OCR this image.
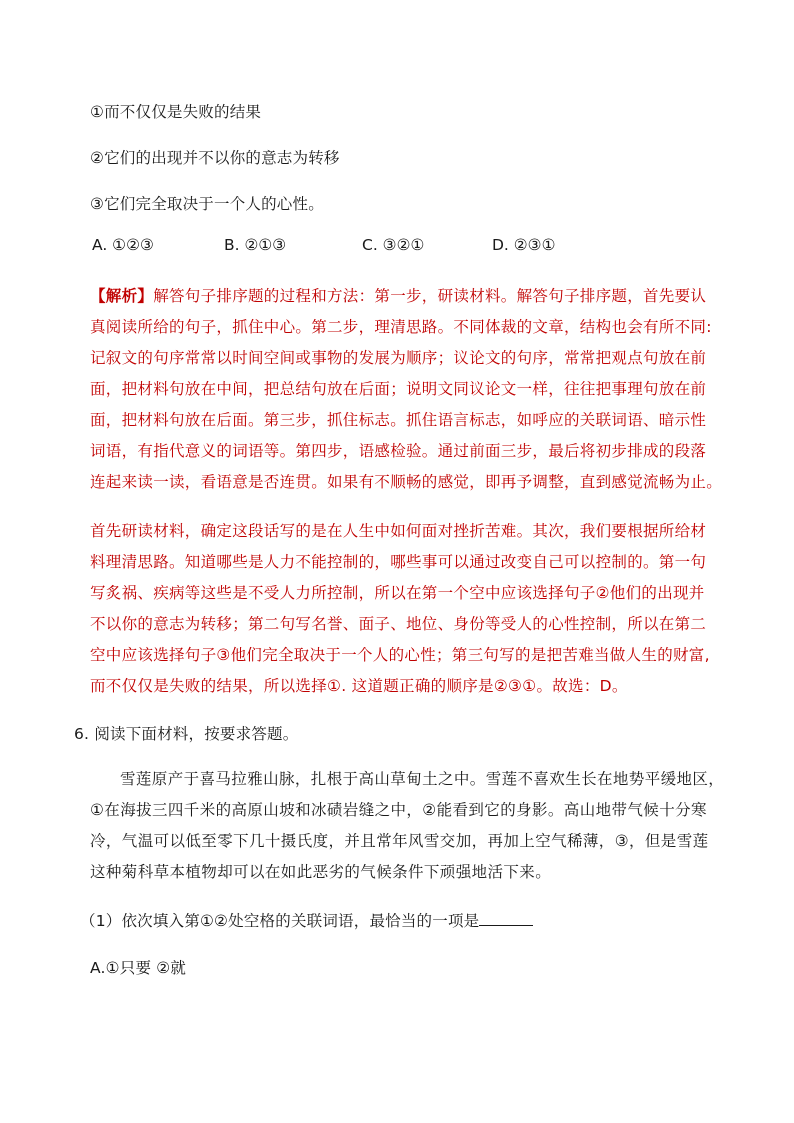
①而不仅仅是失败的结果
②它们的出现并不以你的意志为转移
③它们完全取决于一个人的心性。
A. ①②③	B. ②①③	C. ③②①	D. ②③①
【解析】解答句子排序题的过程和方法：第一步，研读材料。解答句子排序题，首先要认
真阅读所给的句子，抓住中心。第二步，理清思路。不同体裁的文章，结构也会有所不同:
记叙文的句序常常以时间空间或事物的发展为顺序；议论文的句序，常常把观点句放在前
面，把材料句放在中间，把总结句放在后面；说明文同议论文一样，往往把事理句放在前
面，把材料句放在后面。第三步，抓住标志。抓住语言标志，如呼应的关联词语、暗示性
词语，有指代意义的词语等。第四步，语感检验。通过前面三步，最后将初步排成的段落
连起来读一读，看语意是否连贯。如果有不顺畅的感觉，即再予调整，直到感觉流畅为止。
首先研读材料，确定这段话写的是在人生中如何面对挫折苦难。其次，我们要根据所给材
料理清思路。知道哪些是人力不能控制的，哪些事可以通过改变自己可以控制的。第一句
写炙祸、疾病等这些是不受人力所控制，所以在第一个空中应该选择句子②他们的出现并
不以你的意志为转移；第二句写名誉、面子、地位、身份等受人的心性控制，所以在第二
空中应该选择句子③他们完全取决于一个人的心性；第三句写的是把苦难当做人生的财富,
而不仅仅是失败的结果，所以选择①. 这道题正确的顺序是②③①。故选：D。
6. 阅读下面材料，按要求答题。
雪莲原产于喜马拉雅山脉，扎根于高山草甸土之中。雪莲不喜欢生长在地势平缓地区，
①在海拔三四千米的高原山坡和冰碛岩缝之中，②能看到它的身影。高山地带气候十分寒
冷，气温可以低至零下几十摄氏度，并且常年风雪交加，再加上空气稀薄，③，但是雪莲
这种菊科草本植物却可以在如此恶劣的气候条件下顽强地活下来。
（1）依次填入第①②处空格的关联词语，最恰当的一项是
A.①只要 ②就
